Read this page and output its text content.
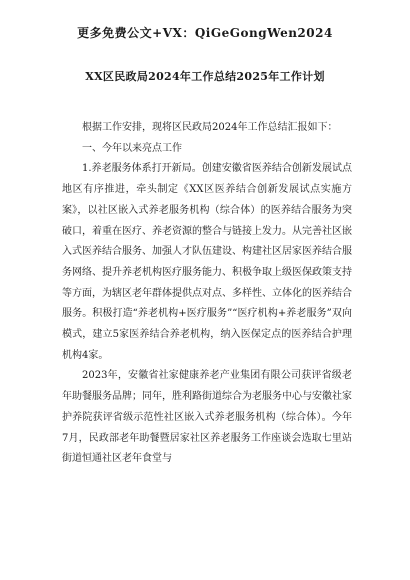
更多免费公文+VX：QiGeGongWen2024
XX区民政局2024年工作总结2025年工作计划

根据工作安排，现将区民政局2024年工作总结汇报如下：

一、今年以来亮点工作

1.养老服务体系打开新局。创建安徽省医养结合创新发展试点地区有序推进，牵头制定《XX区医养结合创新发展试点实施方案》，以社区嵌入式养老服务机构（综合体）的医养结合服务为突破口，着重在医疗、养老资源的整合与链接上发力。从完善社区嵌入式医养结合服务、加强人才队伍建设、构建社区居家医养结合服务网络、提升养老机构医疗服务能力、积极争取上级医保政策支持等方面，为辖区老年群体提供点对点、多样性、立体化的医养结合服务。积极打造“养老机构+医疗服务”“医疗机构+养老服务”双向模式，建立5家医养结合养老机构，纳入医保定点的医养结合护理机构4家。

2023年，安徽省社家健康养老产业集团有限公司获评省级老年助餐服务品牌；同年，胜利路街道综合为老服务中心与安徽社家护养院获评省级示范性社区嵌入式养老服务机构（综合体）。今年7月，民政部老年助餐暨居家社区养老服务工作座谈会选取七里站街道恒通社区老年食堂与
